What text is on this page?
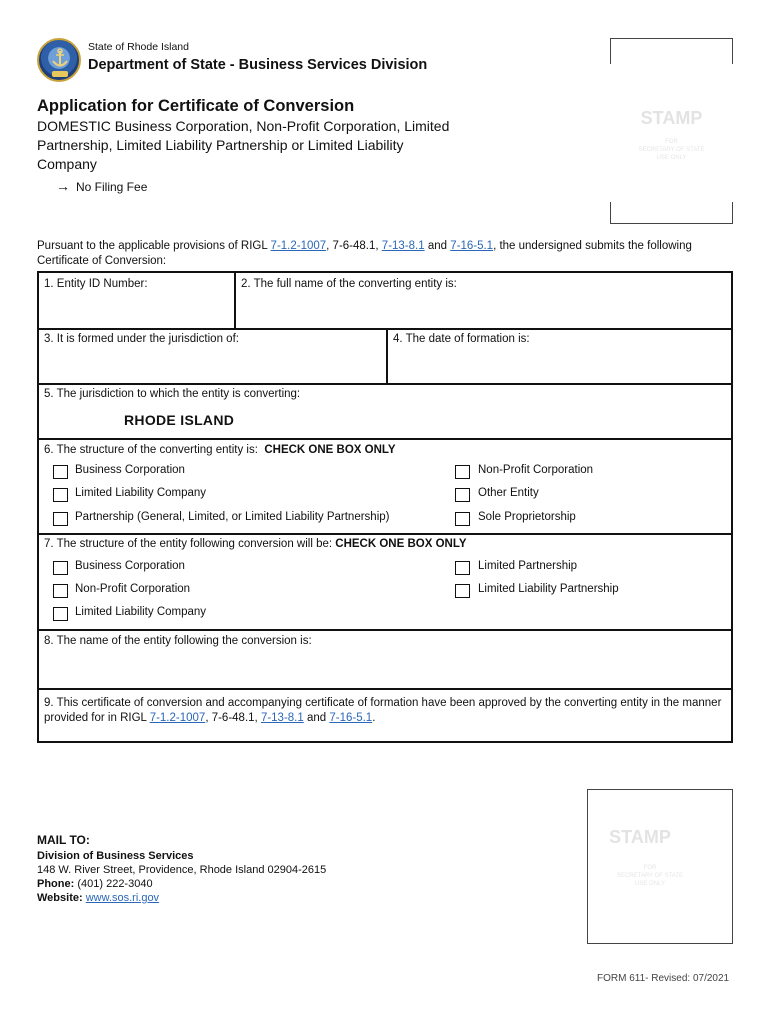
State of Rhode Island
Department of State - Business Services Division
Application for Certificate of Conversion
DOMESTIC Business Corporation, Non-Profit Corporation, Limited Partnership, Limited Liability Partnership or Limited Liability Company
→ No Filing Fee
STAMP
FOR
SECRETARY OF STATE
USE ONLY
Pursuant to the applicable provisions of RIGL 7-1.2-1007, 7-6-48.1, 7-13-8.1 and 7-16-5.1, the undersigned submits the following Certificate of Conversion:
1. Entity ID Number:	2. The full name of the converting entity is:
3. It is formed under the jurisdiction of:	4. The date of formation is:
5. The jurisdiction to which the entity is converting:
RHODE ISLAND
6. The structure of the converting entity is: CHECK ONE BOX ONLY
Business Corporation	Non-Profit Corporation
Limited Liability Company	Other Entity
Partnership (General, Limited, or Limited Liability Partnership)	Sole Proprietorship
7. The structure of the entity following conversion will be: CHECK ONE BOX ONLY
Business Corporation	Limited Partnership
Non-Profit Corporation	Limited Liability Partnership
Limited Liability Company
8. The name of the entity following the conversion is:
9. This certificate of conversion and accompanying certificate of formation have been approved by the converting entity in the manner provided for in RIGL 7-1.2-1007, 7-6-48.1, 7-13-8.1 and 7-16-5.1.
STAMP
FOR
SECRETARY OF STATE
USE ONLY
MAIL TO:
Division of Business Services
148 W. River Street, Providence, Rhode Island 02904-2615
Phone: (401) 222-3040
Website: www.sos.ri.gov
FORM 611- Revised: 07/2021
